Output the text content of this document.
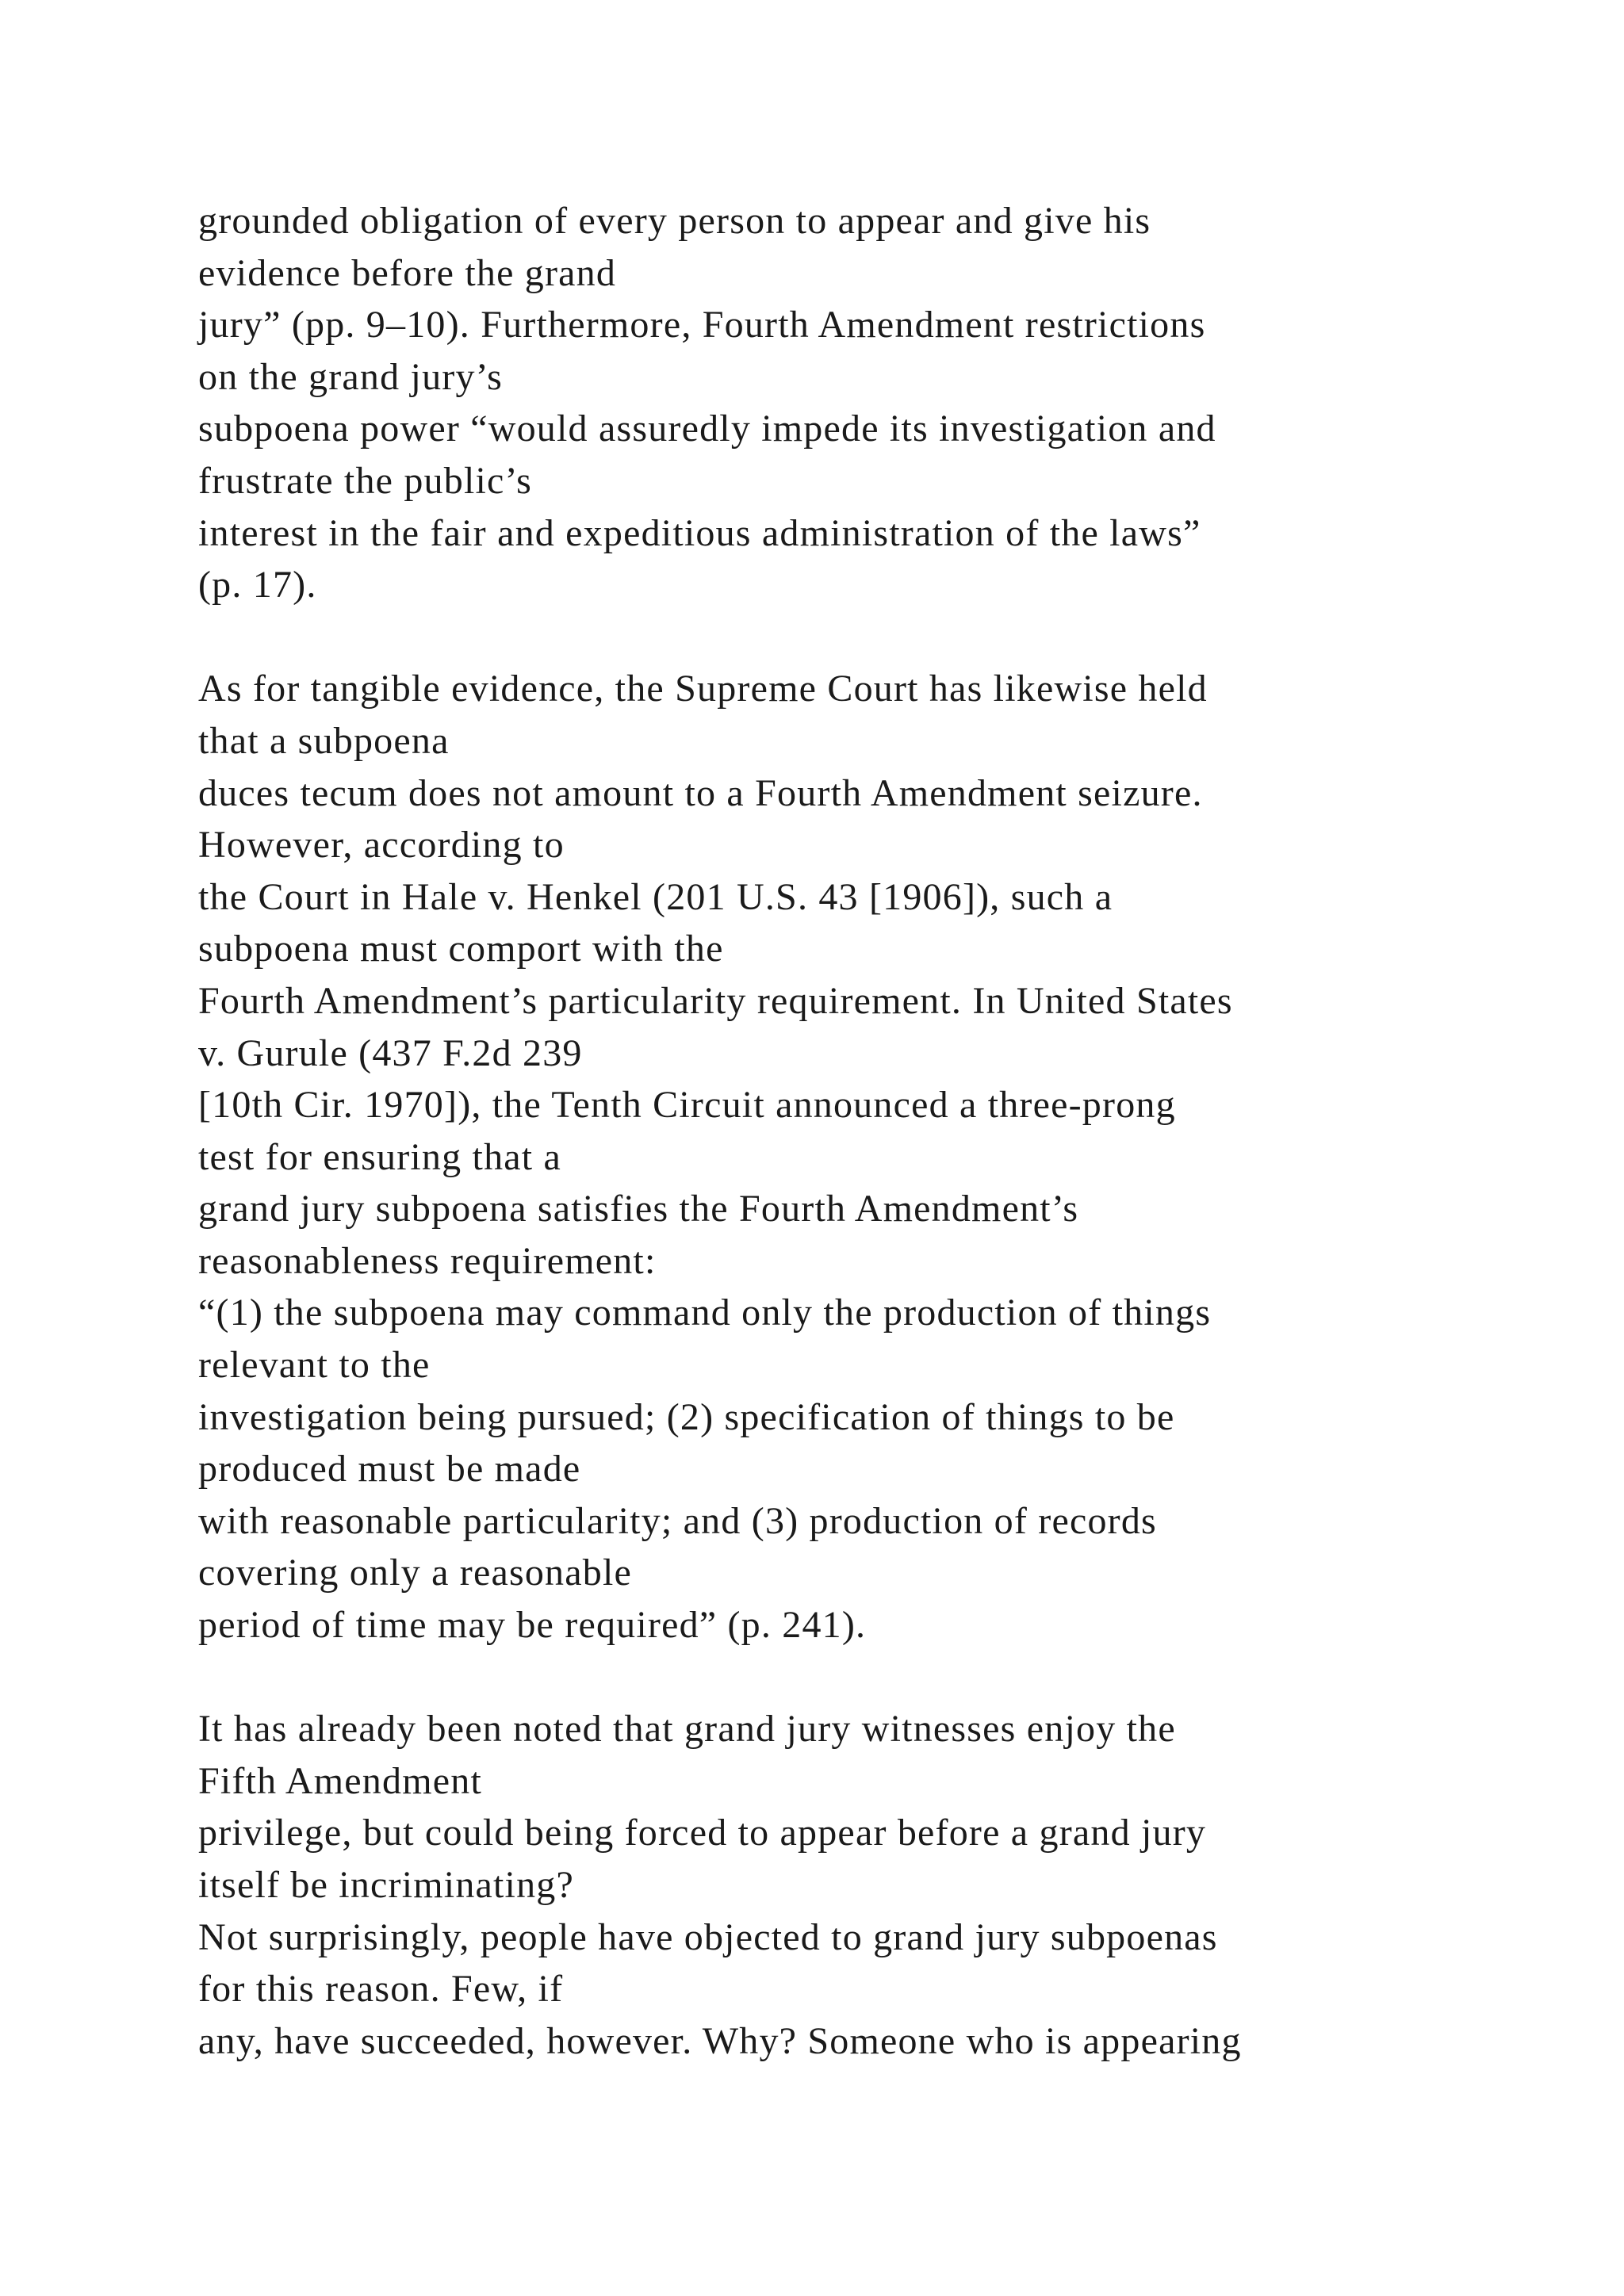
grounded obligation of every person to appear and give his
evidence before the grand
jury” (pp. 9–10). Furthermore, Fourth Amendment restrictions
on the grand jury’s
subpoena power “would assuredly impede its investigation and
frustrate the public’s
interest in the fair and expeditious administration of the laws”
(p. 17).

As for tangible evidence, the Supreme Court has likewise held
that a subpoena
duces tecum does not amount to a Fourth Amendment seizure.
However, according to
the Court in Hale v. Henkel (201 U.S. 43 [1906]), such a
subpoena must comport with the
Fourth Amendment’s particularity requirement. In United States
v. Gurule (437 F.2d 239
[10th Cir. 1970]), the Tenth Circuit announced a three-prong
test for ensuring that a
grand jury subpoena satisfies the Fourth Amendment’s
reasonableness requirement:
“(1) the subpoena may command only the production of things
relevant to the
investigation being pursued; (2) specification of things to be
produced must be made
with reasonable particularity; and (3) production of records
covering only a reasonable
period of time may be required” (p. 241).

It has already been noted that grand jury witnesses enjoy the
Fifth Amendment
privilege, but could being forced to appear before a grand jury
itself be incriminating?
Not surprisingly, people have objected to grand jury subpoenas
for this reason. Few, if
any, have succeeded, however. Why? Someone who is appearing
